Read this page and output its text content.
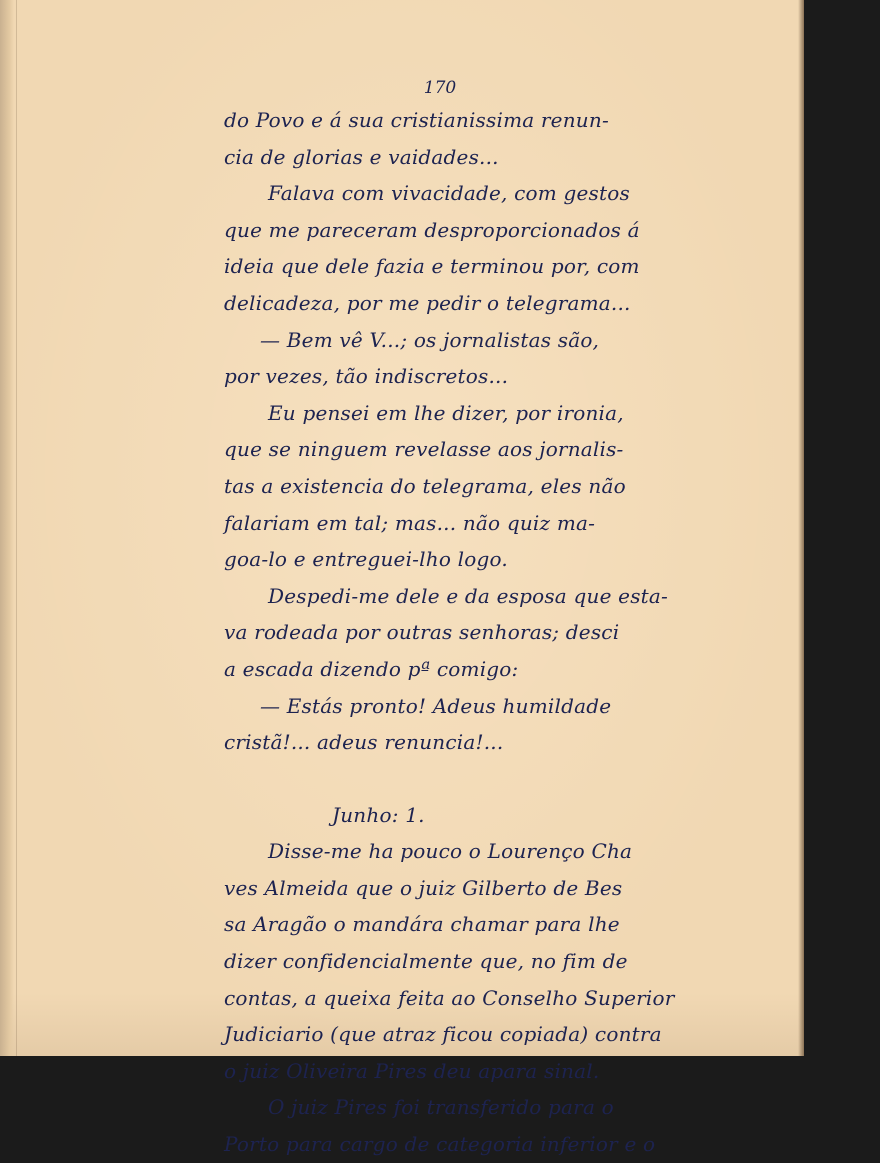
170
do Povo e á sua cristianissima renun-
cia de glorias e vaidades...
Falava com vivacidade, com gestos
que me pareceram desproporcionados á
ideia que dele fazia e terminou por, com
delicadeza, por me pedir o telegrama...
— Bem vê V...; os jornalistas são,
por vezes, tão indiscretos...
Eu pensei em lhe dizer, por ironia,
que se ninguem revelasse aos jornalis-
tas a existencia do telegrama, eles não
falariam em tal; mas... não quiz ma-
goa-lo e entreguei-lho logo.
Despedi-me dele e da esposa que esta-
va rodeada por outras senhoras; desci
a escada dizendo pª comigo:
— Estás pronto! Adeus humildade
cristã!... adeus renuncia!...
Junho: 1.
Disse-me ha pouco o Lourenço Cha
ves Almeida que o juiz Gilberto de Bes
sa Aragão o mandára chamar para lhe
dizer confidencialmente que, no fim de
contas, a queixa feita ao Conselho Superior
Judiciario (que atraz ficou copiada) contra
o juiz Oliveira Pires deu apara sinal.
O juiz Pires foi transferido para o
Porto para cargo de categoria inferior e o
